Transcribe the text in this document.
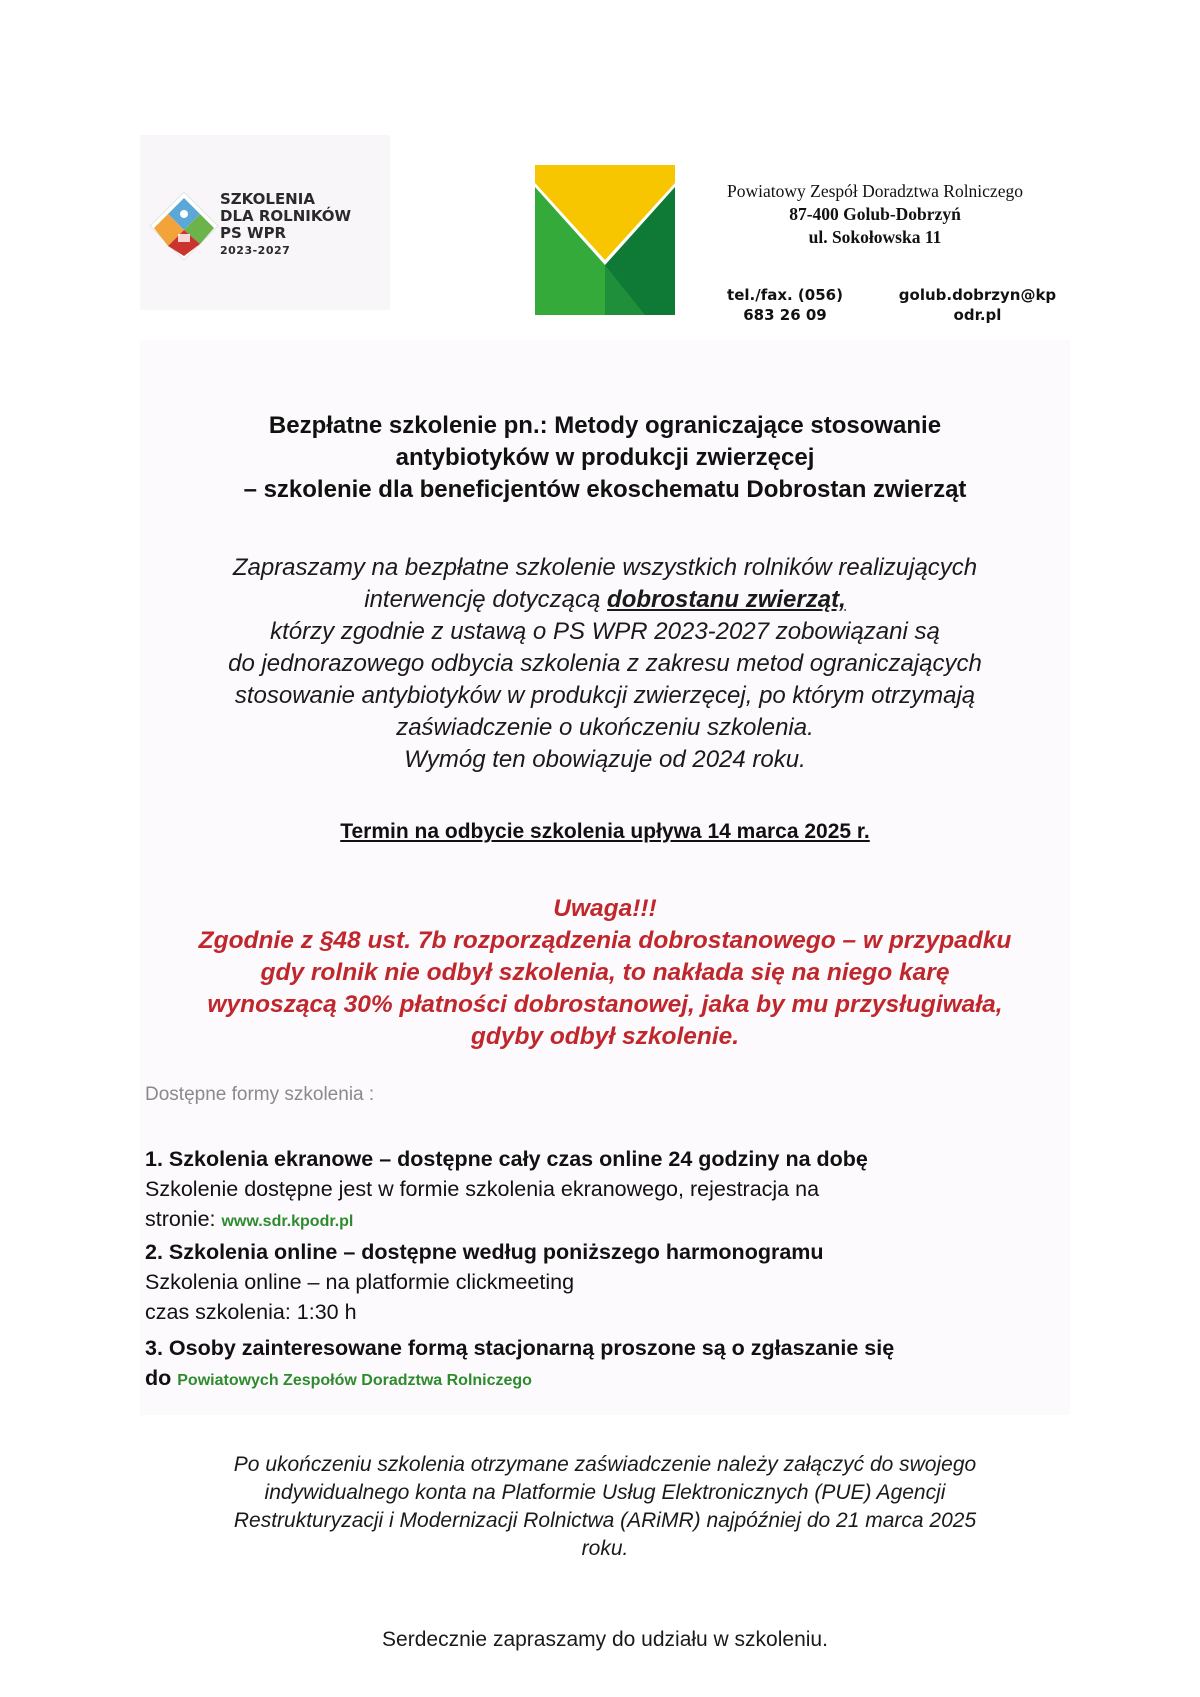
SZKOLENIA
DLA ROLNIKÓW
PS WPR
2023-2027
Powiatowy Zespół Doradztwa Rolniczego
87-400 Golub-Dobrzyń
ul. Sokołowska 11
tel./fax. (056)
683 26 09
golub.dobrzyn@kp
odr.pl
Bezpłatne szkolenie pn.: Metody ograniczające stosowanie
antybiotyków w produkcji zwierzęcej
– szkolenie dla beneficjentów ekoschematu Dobrostan zwierząt
Zapraszamy na bezpłatne szkolenie wszystkich rolników realizujących
interwencję dotyczącą dobrostanu zwierząt,
którzy zgodnie z ustawą o PS WPR 2023-2027 zobowiązani są
do jednorazowego odbycia szkolenia z zakresu metod ograniczających
stosowanie antybiotyków w produkcji zwierzęcej, po którym otrzymają
zaświadczenie o ukończeniu szkolenia.
Wymóg ten obowiązuje od 2024 roku.
Termin na odbycie szkolenia upływa 14 marca 2025 r.
Uwaga!!!
Zgodnie z §48 ust. 7b rozporządzenia dobrostanowego – w przypadku
gdy rolnik nie odbył szkolenia, to nakłada się na niego karę
wynoszącą 30% płatności dobrostanowej, jaka by mu przysługiwała,
gdyby odbył szkolenie.
Dostępne formy szkolenia :
1. Szkolenia ekranowe – dostępne cały czas online 24 godziny na dobę
Szkolenie dostępne jest w formie szkolenia ekranowego, rejestracja na
stronie: www.sdr.kpodr.pl
2. Szkolenia online – dostępne według poniższego harmonogramu
Szkolenia online – na platformie clickmeeting
czas szkolenia: 1:30 h
3. Osoby zainteresowane formą stacjonarną proszone są o zgłaszanie się
do Powiatowych Zespołów Doradztwa Rolniczego
Po ukończeniu szkolenia otrzymane zaświadczenie należy załączyć do swojego
indywidualnego konta na Platformie Usług Elektronicznych (PUE) Agencji
Restrukturyzacji i Modernizacji Rolnictwa (ARiMR) najpóźniej do 21 marca 2025
roku.
Serdecznie zapraszamy do udziału w szkoleniu.
